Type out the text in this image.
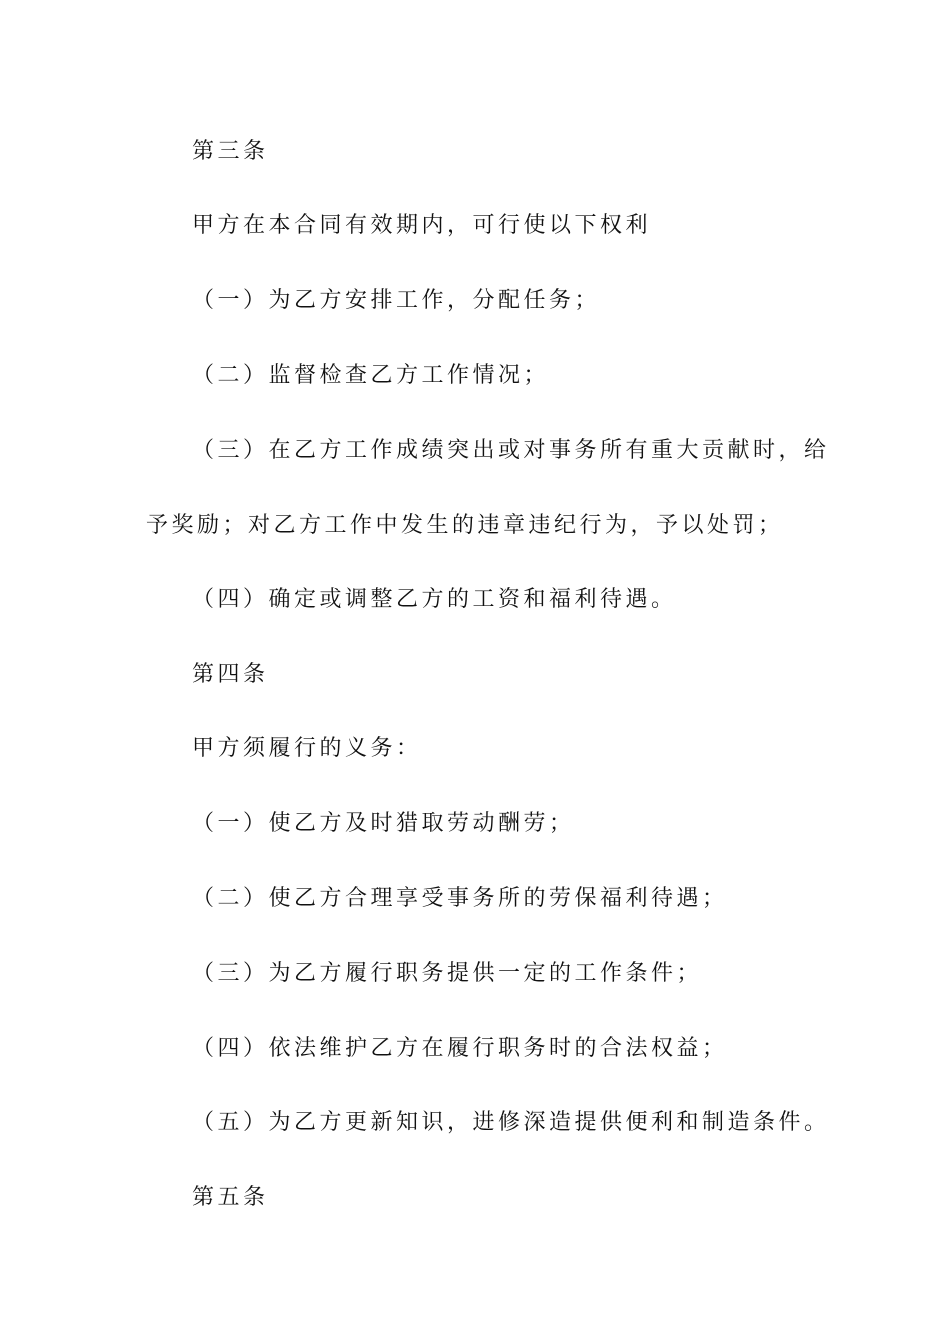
第三条
甲方在本合同有效期内，可行使以下权利
（一）为乙方安排工作，分配任务；
（二）监督检查乙方工作情况；
（三）在乙方工作成绩突出或对事务所有重大贡献时，给
予奖励；对乙方工作中发生的违章违纪行为，予以处罚；
（四）确定或调整乙方的工资和福利待遇。
第四条
甲方须履行的义务：
（一）使乙方及时猎取劳动酬劳；
（二）使乙方合理享受事务所的劳保福利待遇；
（三）为乙方履行职务提供一定的工作条件；
（四）依法维护乙方在履行职务时的合法权益；
（五）为乙方更新知识，进修深造提供便利和制造条件。
第五条
